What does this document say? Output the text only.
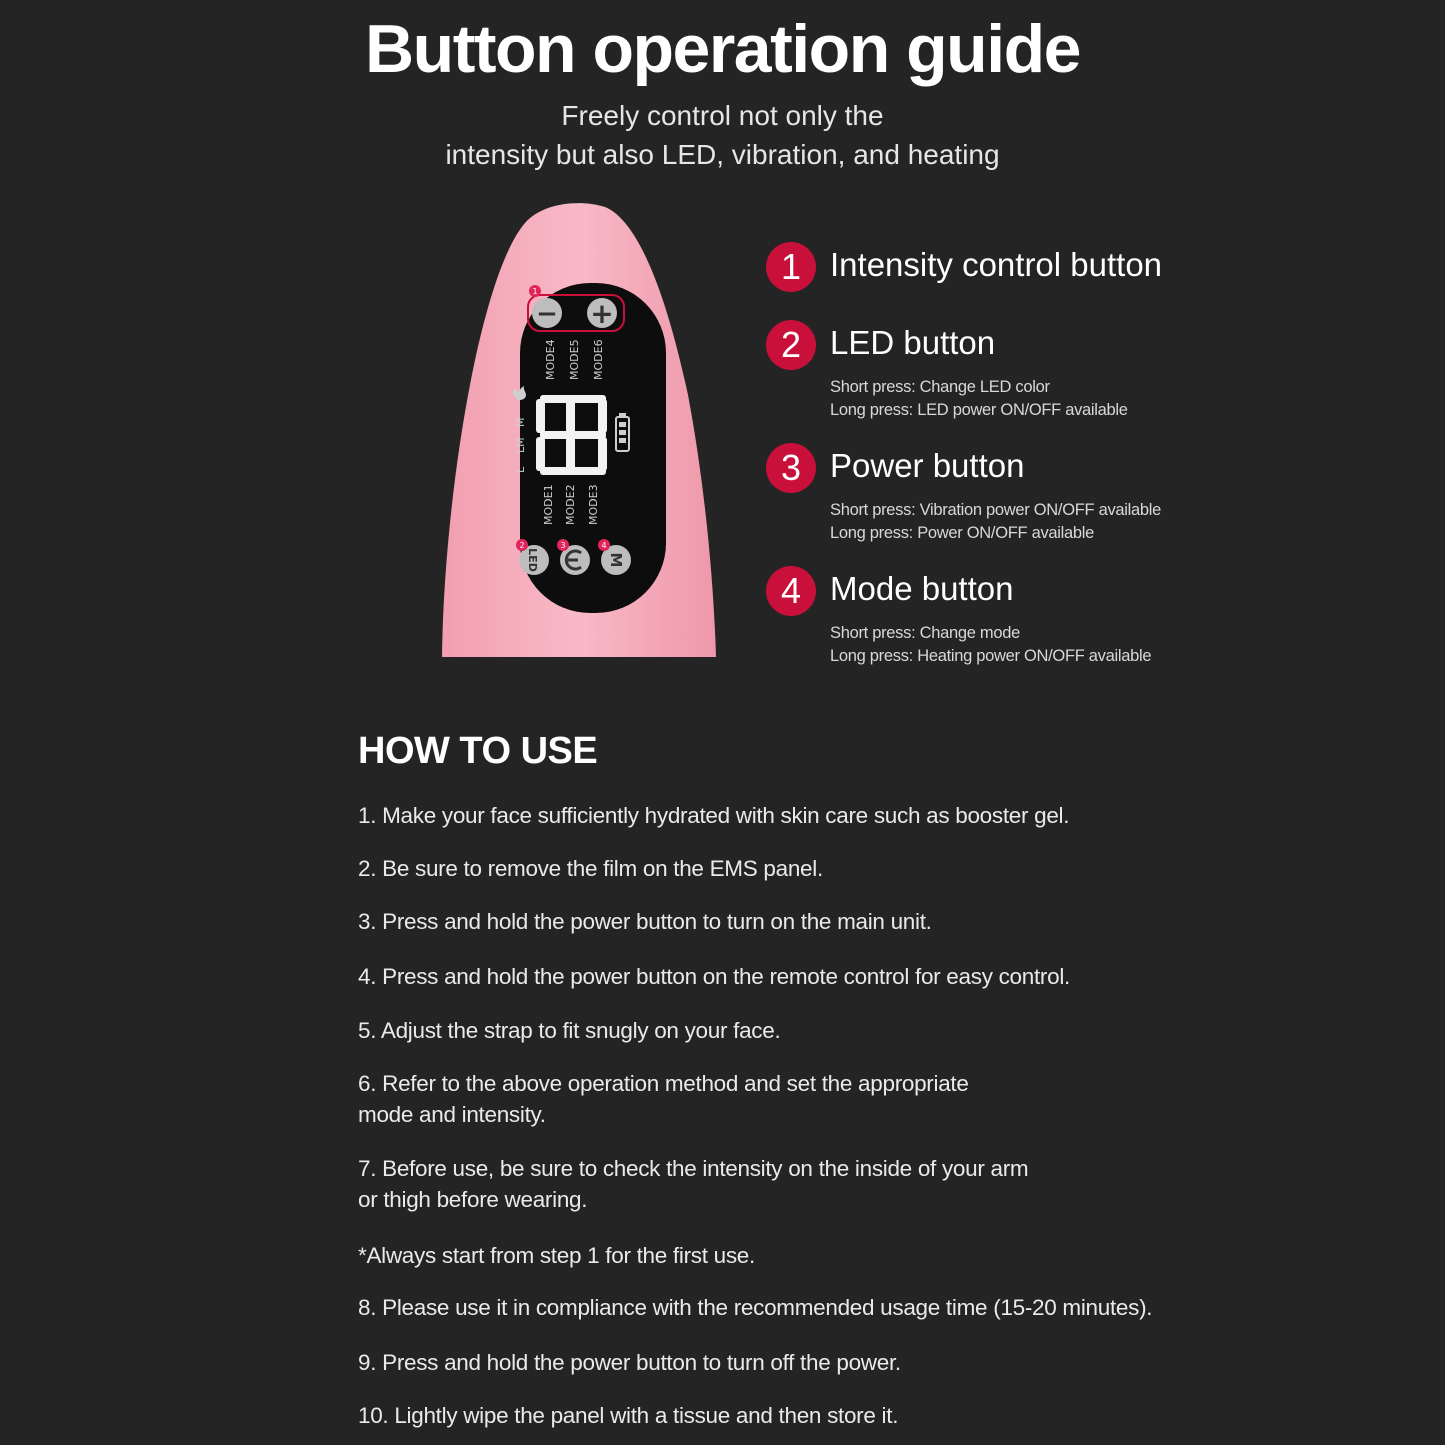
Button operation guide
Freely control not only the
intensity but also LED, vibration, and heating
− +
1
MODE4 MODE5 MODE6
M
LM
L
MODE1 MODE2 MODE3
LED	M
2	3	4
1 Intensity control button
2 LED button
Short press: Change LED color
Long press: LED power ON/OFF available
3 Power button
Short press: Vibration power ON/OFF available
Long press: Power ON/OFF available
4 Mode button
Short press: Change mode
Long press: Heating power ON/OFF available
HOW TO USE
1. Make your face sufficiently hydrated with skin care such as booster gel.
2. Be sure to remove the film on the EMS panel.
3. Press and hold the power button to turn on the main unit.
4. Press and hold the power button on the remote control for easy control.
5. Adjust the strap to fit snugly on your face.
6. Refer to the above operation method and set the appropriate
mode and intensity.
7. Before use, be sure to check the intensity on the inside of your arm
or thigh before wearing.
*Always start from step 1 for the first use.
8. Please use it in compliance with the recommended usage time (15-20 minutes).
9. Press and hold the power button to turn off the power.
10. Lightly wipe the panel with a tissue and then store it.
